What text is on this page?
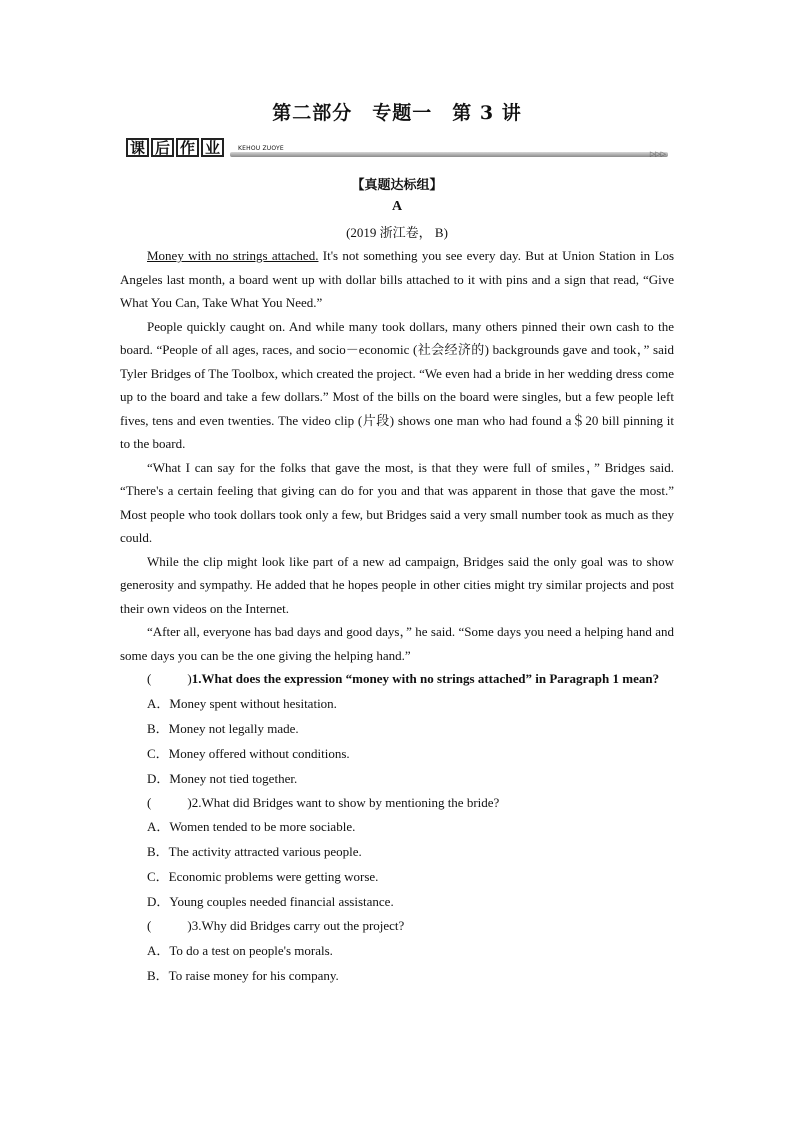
第二部分　专题一　第 3 讲
课 后 作 业	KEHOU ZUOYE
▷▷▷
【真题达标组】
A
(2019 浙江卷， B)

Money with no strings attached. It's not something you see every day. But at Union Station in Los Angeles last month, a board went up with dollar bills attached to it with pins and a sign that read, “Give What You Can, Take What You Need.”

People quickly caught on. And while many took dollars, many others pinned their own cash to the board. “People of all ages, races, and socio－economic (社会经济的) backgrounds gave and took，” said Tyler Bridges of The Toolbox, which created the project. “We even had a bride in her wedding dress come up to the board and take a few dollars.” Most of the bills on the board were singles, but a few people left fives, tens and even twenties. The video clip (片段) shows one man who had found a＄20 bill pinning it to the board.

“What I can say for the folks that gave the most, is that they were full of smiles，” Bridges said. “There's a certain feeling that giving can do for you and that was apparent in those that gave the most.” Most people who took dollars took only a few, but Bridges said a very small number took as much as they could.

While the clip might look like part of a new ad campaign, Bridges said the only goal was to show generosity and sympathy. He added that he hopes people in other cities might try similar projects and post their own videos on the Internet.

“After all, everyone has bad days and good days，” he said. “Some days you need a helping hand and some days you can be the one giving the helping hand.”

(	)1.What does the expression “money with no strings attached” in Paragraph 1 mean?

A．Money spent without hesitation.

B．Money not legally made.

C．Money offered without conditions.

D．Money not tied together.

(	)2.What did Bridges want to show by mentioning the bride?

A．Women tended to be more sociable.

B．The activity attracted various people.

C．Economic problems were getting worse.

D．Young couples needed financial assistance.

(	)3.Why did Bridges carry out the project?

A．To do a test on people's morals.

B．To raise money for his company.
